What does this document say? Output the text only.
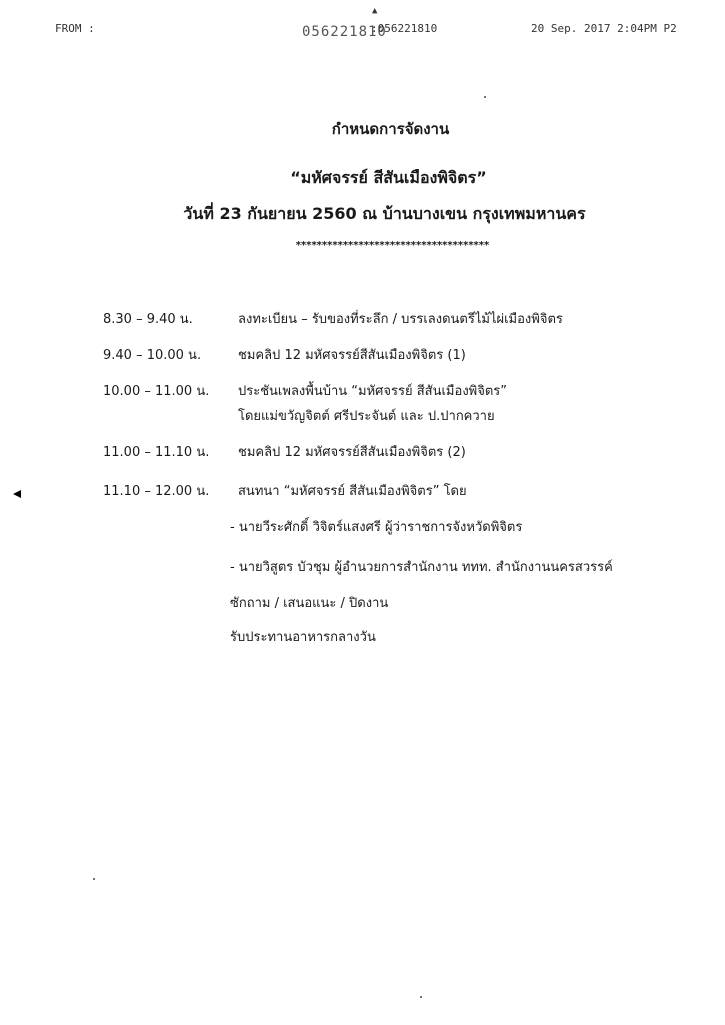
FROM :
▲
056221810
:056221810	20 Sep. 2017 2:04PM P2

กำหนดการจัดงาน

“มหัศจรรย์ สีสันเมืองพิจิตร”

วันที่ 23 กันยายน 2560 ณ บ้านบางเขน กรุงเทพมหานคร

*************************************

8.30 – 9.40 น.	ลงทะเบียน – รับของที่ระลึก / บรรเลงดนตรีไม้ไผ่เมืองพิจิตร
9.40 – 10.00 น.	ชมคลิป 12 มหัศจรรย์สีสันเมืองพิจิตร (1)
10.00 – 11.00 น. ประชันเพลงพื้นบ้าน “มหัศจรรย์ สีสันเมืองพิจิตร”
โดยแม่ขวัญจิตต์ ศรีประจันต์ และ ป.ปากควาย
11.00 – 11.10 น. ชมคลิป 12 มหัศจรรย์สีสันเมืองพิจิตร (2)
11.10 – 12.00 น. สนทนา “มหัศจรรย์ สีสันเมืองพิจิตร” โดย
- นายวีระศักดิ์ วิจิตร์แสงศรี ผู้ว่าราชการจังหวัดพิจิตร
- นายวิสูตร บัวชุม ผู้อำนวยการสำนักงาน ททท. สำนักงานนครสวรรค์
ซักถาม / เสนอแนะ / ปิดงาน
รับประทานอาหารกลางวัน
